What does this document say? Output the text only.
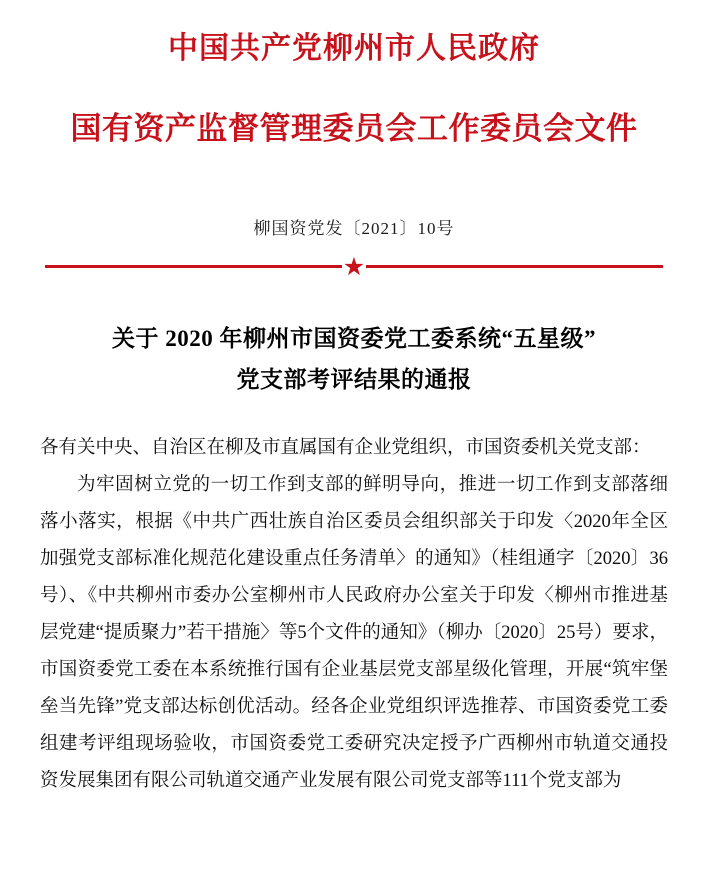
中国共产党柳州市人民政府
国有资产监督管理委员会工作委员会文件
柳国资党发〔2021〕10号
★
关于 2020 年柳州市国资委党工委系统“五星级”
党支部考评结果的通报

各有关中央、自治区在柳及市直属国有企业党组织，市国资委机关党支部：

为牢固树立党的一切工作到支部的鲜明导向，推进一切工作到支部落细落小落实，根据《中共广西壮族自治区委员会组织部关于印发〈2020年全区加强党支部标准化规范化建设重点任务清单〉的通知》（桂组通字〔2020〕36号）、《中共柳州市委办公室柳州市人民政府办公室关于印发〈柳州市推进基层党建“提质聚力”若干措施〉等5个文件的通知》（柳办〔2020〕25号）要求，市国资委党工委在本系统推行国有企业基层党支部星级化管理，开展“筑牢堡垒当先锋”党支部达标创优活动。经各企业党组织评选推荐、市国资委党工委组建考评组现场验收，市国资委党工委研究决定授予广西柳州市轨道交通投资发展集团有限公司轨道交通产业发展有限公司党支部等111个党支部为
